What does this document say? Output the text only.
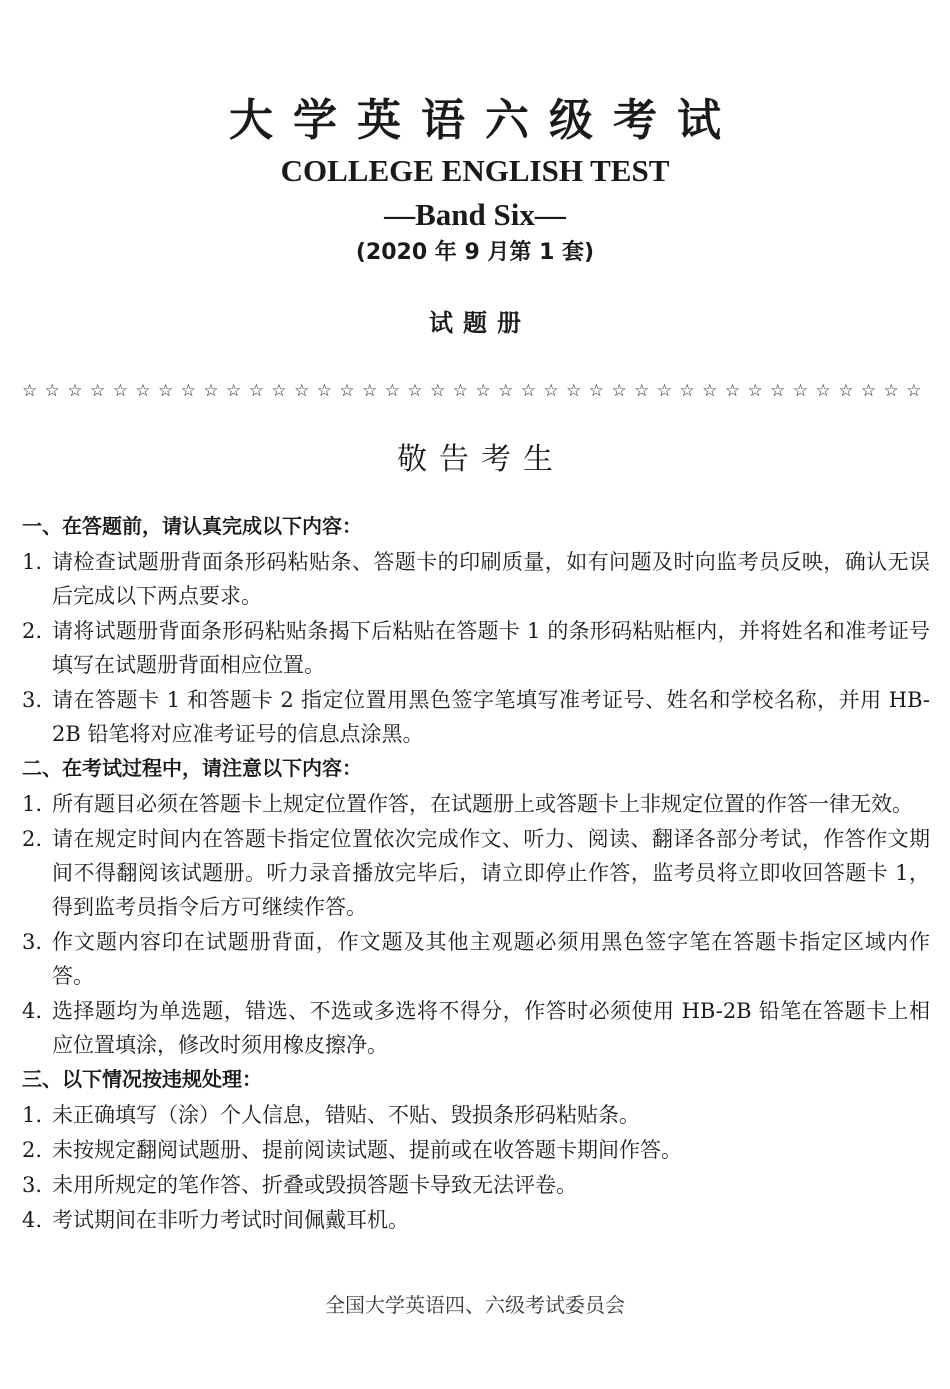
大学英语六级考试
COLLEGE ENGLISH TEST
—Band Six—
(2020 年 9 月第 1 套)
试题册
☆ ☆ ☆ ☆ ☆ ☆ ☆ ☆ ☆ ☆ ☆ ☆ ☆ ☆ ☆ ☆ ☆ ☆ ☆ ☆ ☆ ☆ ☆ ☆ ☆ ☆ ☆ ☆ ☆ ☆ ☆ ☆ ☆ ☆ ☆ ☆ ☆ ☆ ☆ ☆
敬告考生
一、在答题前，请认真完成以下内容：
1. 请检查试题册背面条形码粘贴条、答题卡的印刷质量，如有问题及时向监考员反映，确认无误后完成以下两点要求。
2. 请将试题册背面条形码粘贴条揭下后粘贴在答题卡 1 的条形码粘贴框内，并将姓名和准考证号填写在试题册背面相应位置。
3. 请在答题卡 1 和答题卡 2 指定位置用黑色签字笔填写准考证号、姓名和学校名称，并用 HB-2B 铅笔将对应准考证号的信息点涂黑。
二、在考试过程中，请注意以下内容：
1. 所有题目必须在答题卡上规定位置作答，在试题册上或答题卡上非规定位置的作答一律无效。
2. 请在规定时间内在答题卡指定位置依次完成作文、听力、阅读、翻译各部分考试，作答作文期间不得翻阅该试题册。听力录音播放完毕后，请立即停止作答，监考员将立即收回答题卡 1，得到监考员指令后方可继续作答。
3. 作文题内容印在试题册背面，作文题及其他主观题必须用黑色签字笔在答题卡指定区域内作答。
4. 选择题均为单选题，错选、不选或多选将不得分，作答时必须使用 HB-2B 铅笔在答题卡上相应位置填涂，修改时须用橡皮擦净。
三、以下情况按违规处理：
1. 未正确填写（涂）个人信息，错贴、不贴、毁损条形码粘贴条。
2. 未按规定翻阅试题册、提前阅读试题、提前或在收答题卡期间作答。
3. 未用所规定的笔作答、折叠或毁损答题卡导致无法评卷。
4. 考试期间在非听力考试时间佩戴耳机。
全国大学英语四、六级考试委员会
